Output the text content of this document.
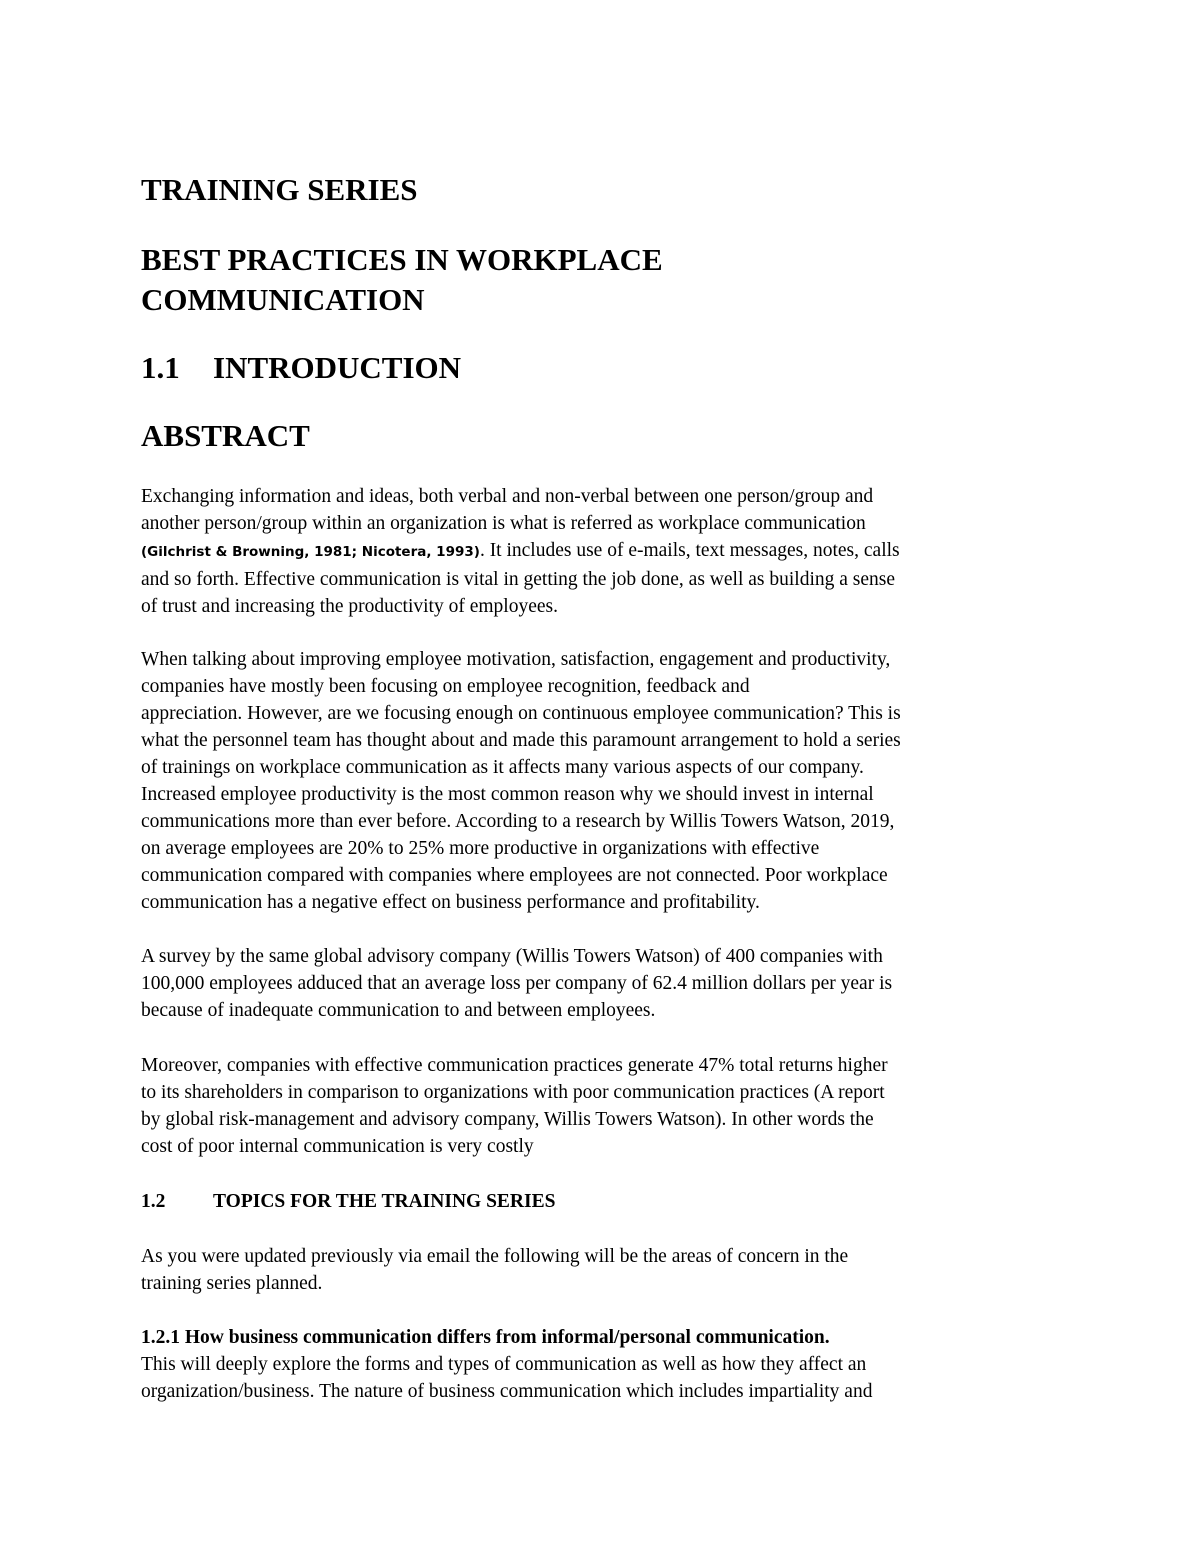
TRAINING SERIES
BEST PRACTICES IN WORKPLACE
COMMUNICATION
1.1 INTRODUCTION
ABSTRACT

Exchanging information and ideas, both verbal and non-verbal between one person/group and
another person/group within an organization is what is referred as workplace communication
(Gilchrist & Browning, 1981; Nicotera, 1993). It includes use of e-mails, text messages, notes, calls
and so forth. Effective communication is vital in getting the job done, as well as building a sense
of trust and increasing the productivity of employees.

When talking about improving employee motivation, satisfaction, engagement and productivity,
companies have mostly been focusing on employee recognition, feedback and
appreciation. However, are we focusing enough on continuous employee communication? This is
what the personnel team has thought about and made this paramount arrangement to hold a series
of trainings on workplace communication as it affects many various aspects of our company.
Increased employee productivity is the most common reason why we should invest in internal
communications more than ever before. According to a research by Willis Towers Watson, 2019,
on average employees are 20% to 25% more productive in organizations with effective
communication compared with companies where employees are not connected. Poor workplace
communication has a negative effect on business performance and profitability.

A survey by the same global advisory company (Willis Towers Watson) of 400 companies with
100,000 employees adduced that an average loss per company of 62.4 million dollars per year is
because of inadequate communication to and between employees.

Moreover, companies with effective communication practices generate 47% total returns higher
to its shareholders in comparison to organizations with poor communication practices (A report
by global risk-management and advisory company, Willis Towers Watson). In other words the
cost of poor internal communication is very costly

1.2 TOPICS FOR THE TRAINING SERIES

As you were updated previously via email the following will be the areas of concern in the
training series planned.

1.2.1 How business communication differs from informal/personal communication.
This will deeply explore the forms and types of communication as well as how they affect an
organization/business. The nature of business communication which includes impartiality and
